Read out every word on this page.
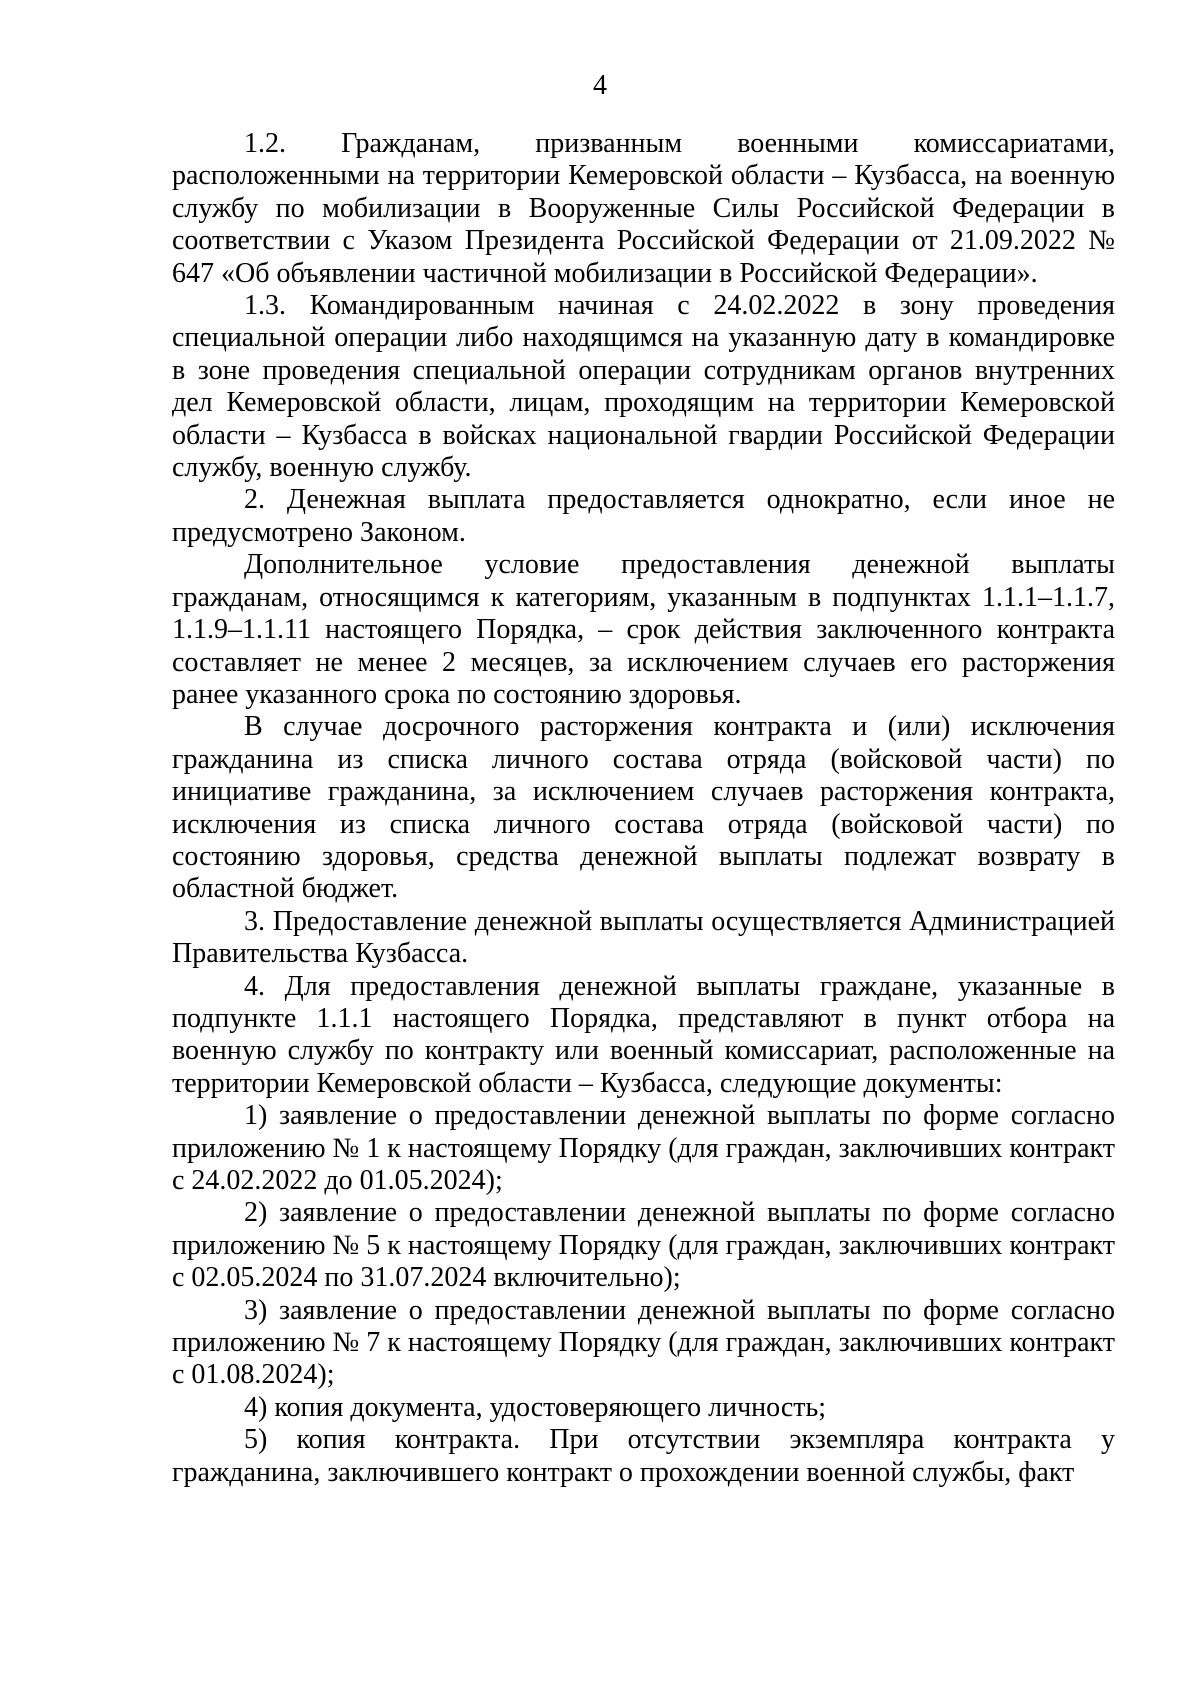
4

1.2. Гражданам, призванным военными комиссариатами, расположенными на территории Кемеровской области – Кузбасса, на военную службу по мобилизации в Вооруженные Силы Российской Федерации в соответствии с Указом Президента Российской Федерации от 21.09.2022 № 647 «Об объявлении частичной мобилизации в Российской Федерации».

1.3. Командированным начиная с 24.02.2022 в зону проведения специальной операции либо находящимся на указанную дату в командировке в зоне проведения специальной операции сотрудникам органов внутренних дел Кемеровской области, лицам, проходящим на территории Кемеровской области – Кузбасса в войсках национальной гвардии Российской Федерации службу, военную службу.

2. Денежная выплата предоставляется однократно, если иное не предусмотрено Законом.

Дополнительное условие предоставления денежной выплаты гражданам, относящимся к категориям, указанным в подпунктах 1.1.1–1.1.7, 1.1.9–1.1.11 настоящего Порядка, – срок действия заключенного контракта составляет не менее 2 месяцев, за исключением случаев его расторжения ранее указанного срока по состоянию здоровья.

В случае досрочного расторжения контракта и (или) исключения гражданина из списка личного состава отряда (войсковой части) по инициативе гражданина, за исключением случаев расторжения контракта, исключения из списка личного состава отряда (войсковой части) по состоянию здоровья, средства денежной выплаты подлежат возврату в областной бюджет.

3. Предоставление денежной выплаты осуществляется Администрацией Правительства Кузбасса.

4. Для предоставления денежной выплаты граждане, указанные в подпункте 1.1.1 настоящего Порядка, представляют в пункт отбора на военную службу по контракту или военный комиссариат, расположенные на территории Кемеровской области – Кузбасса, следующие документы:

1) заявление о предоставлении денежной выплаты по форме согласно приложению № 1 к настоящему Порядку (для граждан, заключивших контракт с 24.02.2022 до 01.05.2024);

2) заявление о предоставлении денежной выплаты по форме согласно приложению № 5 к настоящему Порядку (для граждан, заключивших контракт с 02.05.2024 по 31.07.2024 включительно);

3) заявление о предоставлении денежной выплаты по форме согласно приложению № 7 к настоящему Порядку (для граждан, заключивших контракт с 01.08.2024);

4) копия документа, удостоверяющего личность;

5) копия контракта. При отсутствии экземпляра контракта у гражданина, заключившего контракт о прохождении военной службы, факт
